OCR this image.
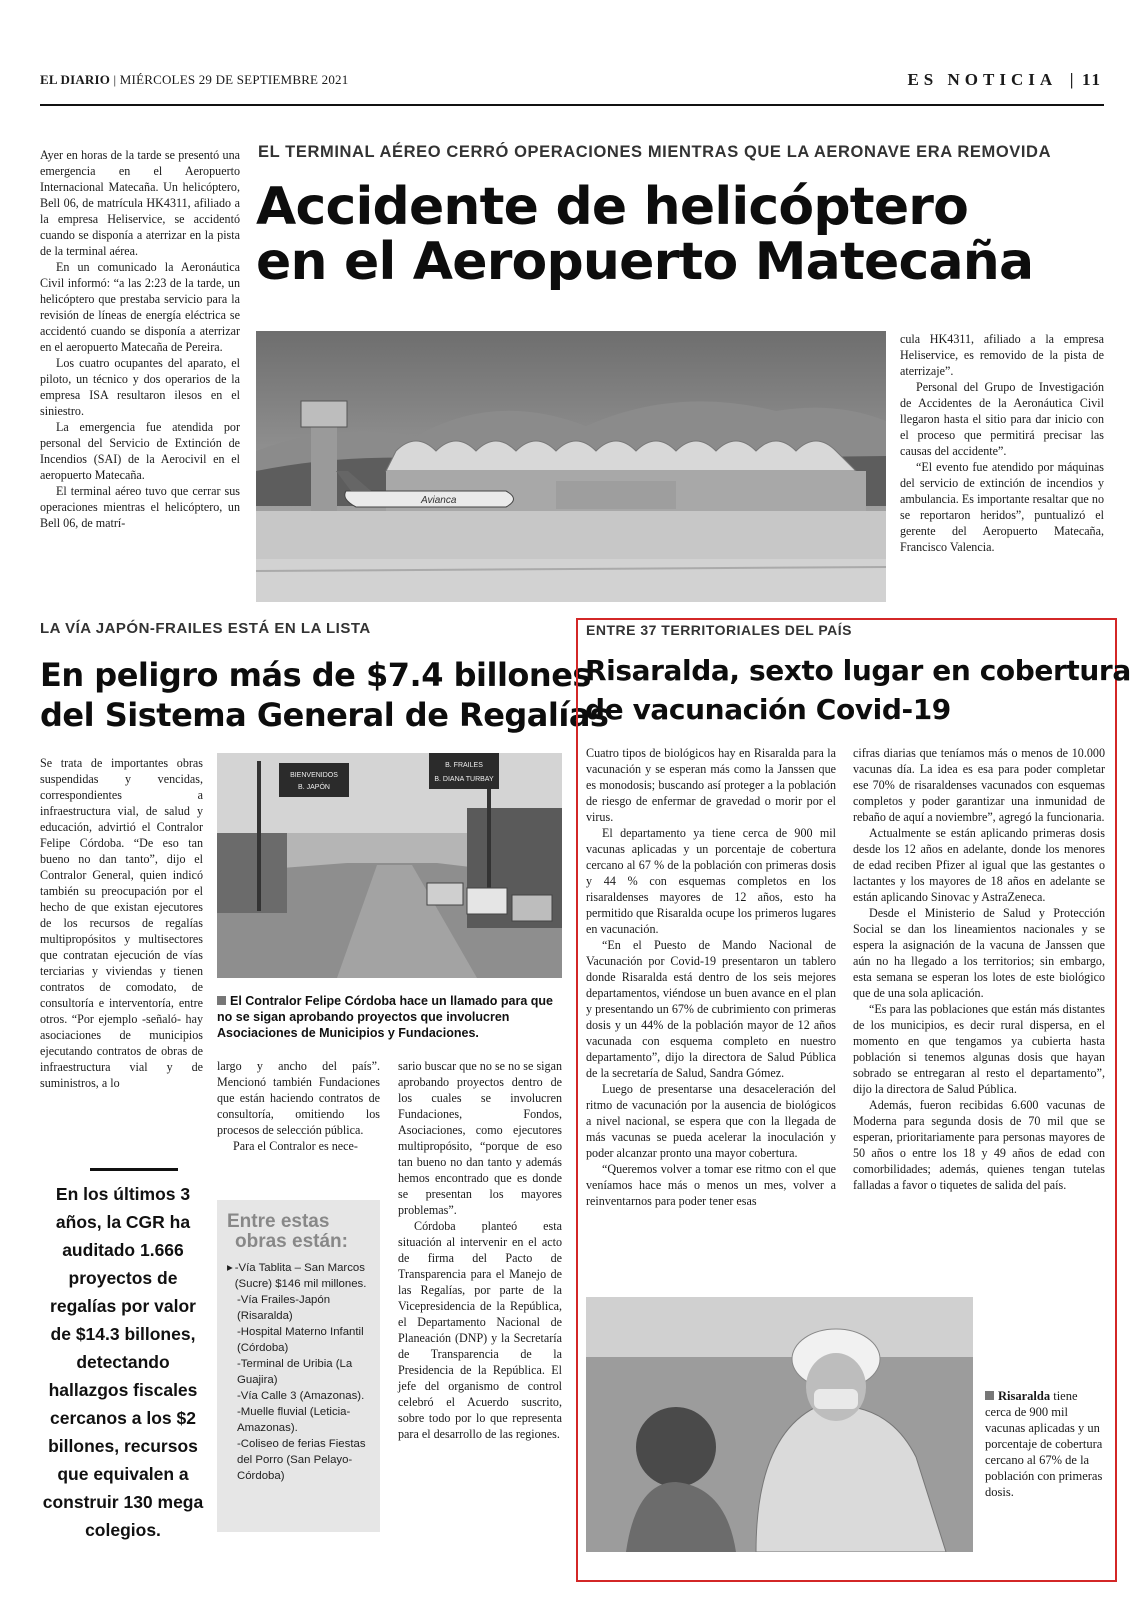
EL DIARIO | MIÉRCOLES 29 DE SEPTIEMBRE 2021	ES NOTICIA  |  11
EL TERMINAL AÉREO CERRÓ OPERACIONES MIENTRAS QUE LA AERONAVE ERA REMOVIDA
Accidente de helicóptero
en el Aeropuerto Matecaña

Ayer en horas de la tarde se presentó una emergencia en el Aeropuerto Internacional Matecaña. Un helicóptero, Bell 06, de matrícula HK4311, afiliado a la empresa Heliservice, se accidentó cuando se disponía a aterrizar en la pista de la terminal aérea.

En un comunicado la Aeronáutica Civil informó: “a las 2:23 de la tarde, un helicóptero que prestaba servicio para la revisión de líneas de energía eléctrica se accidentó cuando se disponía a aterrizar en el aeropuerto Matecaña de Pereira.

Los cuatro ocupantes del aparato, el piloto, un técnico y dos operarios de la empresa ISA resultaron ilesos en el siniestro.

La emergencia fue atendida por personal del Servicio de Extinción de Incendios (SAI) de la Aerocivil en el aeropuerto Matecaña.

El terminal aéreo tuvo que cerrar sus operaciones mientras el helicóptero, un Bell 06, de matrí-

Avianca

cula HK4311, afiliado a la empresa Heliservice, es removido de la pista de aterrizaje”.

Personal del Grupo de Investigación de Accidentes de la Aeronáutica Civil llegaron hasta el sitio para dar inicio con el proceso que permitirá precisar las causas del accidente”.

“El evento fue atendido por máquinas del servicio de extinción de incendios y ambulancia. Es importante resaltar que no se reportaron heridos”, puntualizó el gerente del Aeropuerto Matecaña, Francisco Valencia.

LA VÍA JAPÓN-FRAILES ESTÁ EN LA LISTA
En peligro más de $7.4 billones
del Sistema General de Regalías

Se trata de importantes obras suspendidas y vencidas, correspondientes a infraestructura vial, de salud y educación, advirtió el Contralor Felipe Córdoba. “De eso tan bueno no dan tanto”, dijo el Contralor General, quien indicó también su preocupación por el hecho de que existan ejecutores de los recursos de regalías multipropósitos y multisectores que contratan ejecución de vías terciarias y viviendas y tienen contratos de comodato, de consultoría e interventoría, entre otros. “Por ejemplo -señaló- hay asociaciones de municipios ejecutando contratos de obras de infraestructura vial y de suministros, a lo

BIENVENIDOS
B. JAPÓN
B. FRAILES
B. DIANA TURBAY
El Contralor Felipe Córdoba hace un llamado para que no se sigan aprobando proyectos que involucren Asociaciones de Municipios y Fundaciones.

largo y ancho del país”. Mencionó también Fundaciones que están haciendo contratos de consultoría, omitiendo los procesos de selección pública.

Para el Contralor es nece-

Entre estas
obras están:
▸ -Vía Tablita – San Marcos (Sucre) $146 mil millones.
-Vía Frailes-Japón (Risaralda)
-Hospital Materno Infantil (Córdoba)
-Terminal de Uribia (La Guajira)
-Vía Calle 3 (Amazonas).
-Muelle fluvial (Leticia-Amazonas).
-Coliseo de ferias Fiestas del Porro (San Pelayo-Córdoba)

sario buscar que no se no se sigan aprobando proyectos dentro de los cuales se involucren Fundaciones, Fondos, Asociaciones, como ejecutores multipropósito, “porque de eso tan bueno no dan tanto y además hemos encontrado que es donde se presentan los mayores problemas”.

Córdoba planteó esta situación al intervenir en el acto de firma del Pacto de Transparencia para el Manejo de las Regalías, por parte de la Vicepresidencia de la República, el Departamento Nacional de Planeación (DNP) y la Secretaría de Transparencia de la Presidencia de la República. El jefe del organismo de control celebró el Acuerdo suscrito, sobre todo por lo que representa para el desarrollo de las regiones.

En los últimos 3 años, la CGR ha auditado 1.666 proyectos de regalías por valor de $14.3 billones, detectando hallazgos fiscales cercanos a los $2 billones, recursos que equivalen a construir 130 mega colegios.
ENTRE 37 TERRITORIALES DEL PAÍS
Risaralda, sexto lugar en cobertura
de vacunación Covid-19

Cuatro tipos de biológicos hay en Risaralda para la vacunación y se esperan más como la Janssen que es monodosis; buscando así proteger a la población de riesgo de enfermar de gravedad o morir por el virus.

El departamento ya tiene cerca de 900 mil vacunas aplicadas y un porcentaje de cobertura cercano al 67 % de la población con primeras dosis y 44 % con esquemas completos en los risaraldenses mayores de 12 años, esto ha permitido que Risaralda ocupe los primeros lugares en vacunación.

“En el Puesto de Mando Nacional de Vacunación por Covid-19 presentaron un tablero donde Risaralda está dentro de los seis mejores departamentos, viéndose un buen avance en el plan y presentando un 67% de cubrimiento con primeras dosis y un 44% de la población mayor de 12 años vacunada con esquema completo en nuestro departamento”, dijo la directora de Salud Pública de la secretaría de Salud, Sandra Gómez.

Luego de presentarse una desaceleración del ritmo de vacunación por la ausencia de biológicos a nivel nacional, se espera que con la llegada de más vacunas se pueda acelerar la inoculación y poder alcanzar pronto una mayor cobertura.

“Queremos volver a tomar ese ritmo con el que veníamos hace más o menos un mes, volver a reinventarnos para poder tener esas

cifras diarias que teníamos más o menos de 10.000 vacunas día. La idea es esa para poder completar ese 70% de risaraldenses vacunados con esquemas completos y poder garantizar una inmunidad de rebaño de aquí a noviembre”, agregó la funcionaria.

Actualmente se están aplicando primeras dosis desde los 12 años en adelante, donde los menores de edad reciben Pfizer al igual que las gestantes o lactantes y los mayores de 18 años en adelante se están aplicando Sinovac y AstraZeneca.

Desde el Ministerio de Salud y Protección Social se dan los lineamientos nacionales y se espera la asignación de la vacuna de Janssen que aún no ha llegado a los territorios; sin embargo, esta semana se esperan los lotes de este biológico que de una sola aplicación.

“Es para las poblaciones que están más distantes de los municipios, es decir rural dispersa, en el momento en que tengamos ya cubierta hasta población si tenemos algunas dosis que hayan sobrado se entregaran al resto el departamento”, dijo la directora de Salud Pública.

Además, fueron recibidas 6.600 vacunas de Moderna para segunda dosis de 70 mil que se esperan, prioritariamente para personas mayores de 50 años o entre los 18 y 49 años de edad con comorbilidades; además, quienes tengan tutelas falladas a favor o tiquetes de salida del país.

Risaralda tiene cerca de 900 mil vacunas aplicadas y un porcentaje de cobertura cercano al 67% de la población con primeras dosis.
